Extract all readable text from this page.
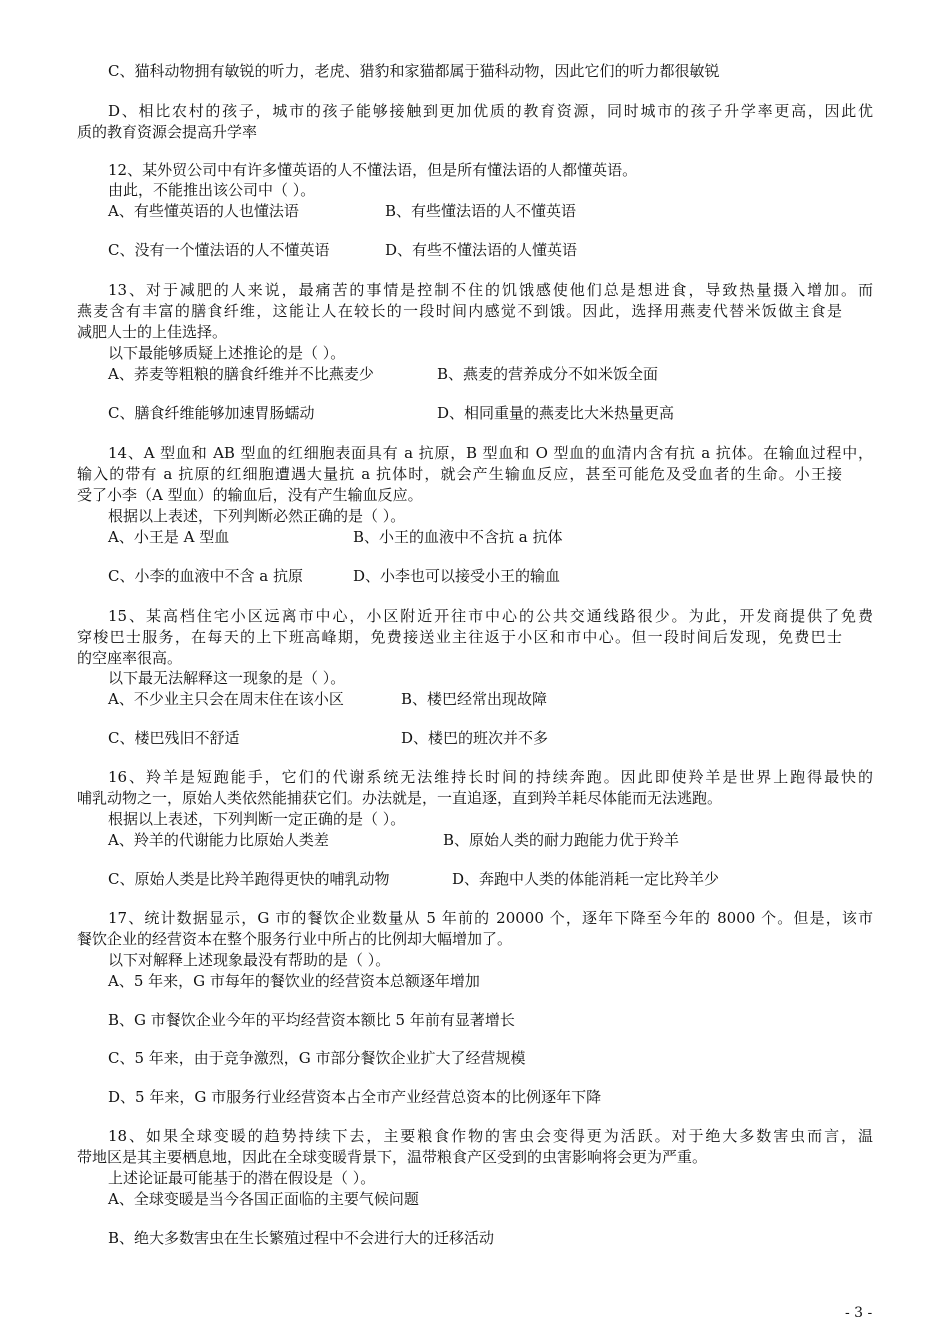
C、猫科动物拥有敏锐的听力，老虎、猎豹和家猫都属于猫科动物，因此它们的听力都很敏锐
D、相比农村的孩子，城市的孩子能够接触到更加优质的教育资源，同时城市的孩子升学率更高，因此优
质的教育资源会提高升学率
12、某外贸公司中有许多懂英语的人不懂法语，但是所有懂法语的人都懂英语。
由此，不能推出该公司中（ ）。
A、有些懂英语的人也懂法语	B、有些懂法语的人不懂英语
C、没有一个懂法语的人不懂英语	D、有些不懂法语的人懂英语
13、对于减肥的人来说，最痛苦的事情是控制不住的饥饿感使他们总是想进食，导致热量摄入增加。而
燕麦含有丰富的膳食纤维，这能让人在较长的一段时间内感觉不到饿。因此，选择用燕麦代替米饭做主食是
减肥人士的上佳选择。
以下最能够质疑上述推论的是（ ）。
A、荞麦等粗粮的膳食纤维并不比燕麦少	B、燕麦的营养成分不如米饭全面
C、膳食纤维能够加速胃肠蠕动	D、相同重量的燕麦比大米热量更高
14、A 型血和 AB 型血的红细胞表面具有 a 抗原，B 型血和 O 型血的血清内含有抗 a 抗体。在输血过程中，
输入的带有 a 抗原的红细胞遭遇大量抗 a 抗体时，就会产生输血反应，甚至可能危及受血者的生命。小王接
受了小李（A 型血）的输血后，没有产生输血反应。
根据以上表述，下列判断必然正确的是（ ）。
A、小王是 A 型血	B、小王的血液中不含抗 a 抗体
C、小李的血液中不含 a 抗原	D、小李也可以接受小王的输血
15、某高档住宅小区远离市中心，小区附近开往市中心的公共交通线路很少。为此，开发商提供了免费
穿梭巴士服务，在每天的上下班高峰期，免费接送业主往返于小区和市中心。但一段时间后发现，免费巴士
的空座率很高。
以下最无法解释这一现象的是（ ）。
A、不少业主只会在周末住在该小区	B、楼巴经常出现故障
C、楼巴残旧不舒适	D、楼巴的班次并不多
16、羚羊是短跑能手，它们的代谢系统无法维持长时间的持续奔跑。因此即使羚羊是世界上跑得最快的
哺乳动物之一，原始人类依然能捕获它们。办法就是，一直追逐，直到羚羊耗尽体能而无法逃跑。
根据以上表述，下列判断一定正确的是（ ）。
A、羚羊的代谢能力比原始人类差	B、原始人类的耐力跑能力优于羚羊
C、原始人类是比羚羊跑得更快的哺乳动物	D、奔跑中人类的体能消耗一定比羚羊少
17、统计数据显示，G 市的餐饮企业数量从 5 年前的 20000 个，逐年下降至今年的 8000 个。但是，该市
餐饮企业的经营资本在整个服务行业中所占的比例却大幅增加了。
以下对解释上述现象最没有帮助的是（ ）。
A、5 年来，G 市每年的餐饮业的经营资本总额逐年增加
B、G 市餐饮企业今年的平均经营资本额比 5 年前有显著增长
C、5 年来，由于竞争激烈，G 市部分餐饮企业扩大了经营规模
D、5 年来，G 市服务行业经营资本占全市产业经营总资本的比例逐年下降
18、如果全球变暖的趋势持续下去，主要粮食作物的害虫会变得更为活跃。对于绝大多数害虫而言，温
带地区是其主要栖息地，因此在全球变暖背景下，温带粮食产区受到的虫害影响将会更为严重。
上述论证最可能基于的潜在假设是（ ）。
A、全球变暖是当今各国正面临的主要气候问题
B、绝大多数害虫在生长繁殖过程中不会进行大的迁移活动
- 3 -
